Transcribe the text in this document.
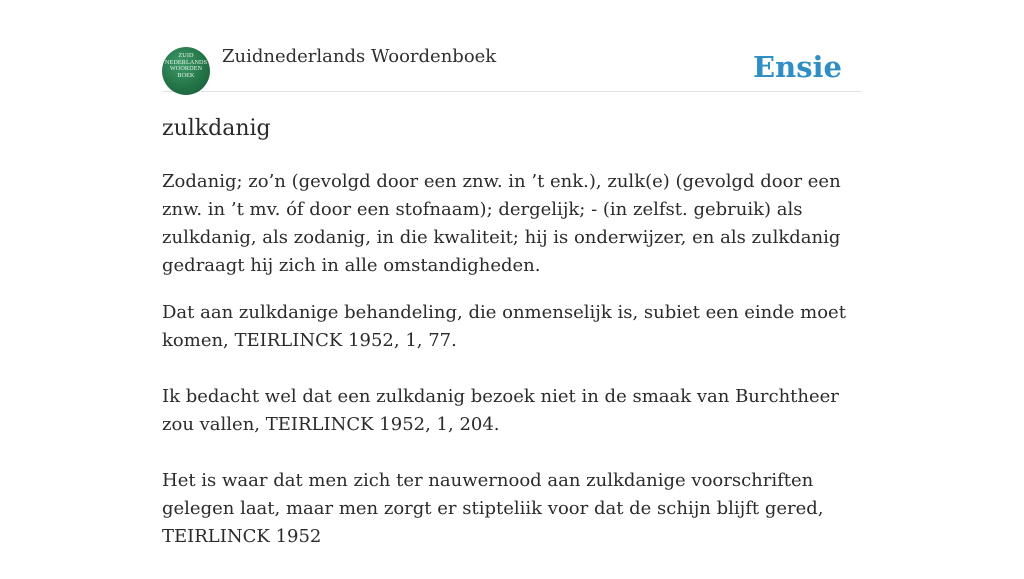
ZUID
NEDERLANDS
WOORDEN
BOEK
Zuidnederlands Woordenboek	Ensie
zulkdanig

Zodanig; zo’n (gevolgd door een znw. in ’t enk.), zulk(e) (gevolgd door een znw. in ’t mv. óf door een stofnaam); dergelijk; - (in zelfst. gebruik) als zulkdanig, als zodanig, in die kwaliteit; hij is onderwijzer, en als zulkdanig gedraagt hij zich in alle omstandigheden.

Dat aan zulkdanige behandeling, die onmenselijk is, subiet een einde moet komen, TEIRLINCK 1952, 1, 77.

Ik bedacht wel dat een zulkdanig bezoek niet in de smaak van Burchtheer zou vallen, TEIRLINCK 1952, 1, 204.

Het is waar dat men zich ter nauwernood aan zulkdanige voorschriften gelegen laat, maar men zorgt er stipteliik voor dat de schijn blijft gered, TEIRLINCK 1952
